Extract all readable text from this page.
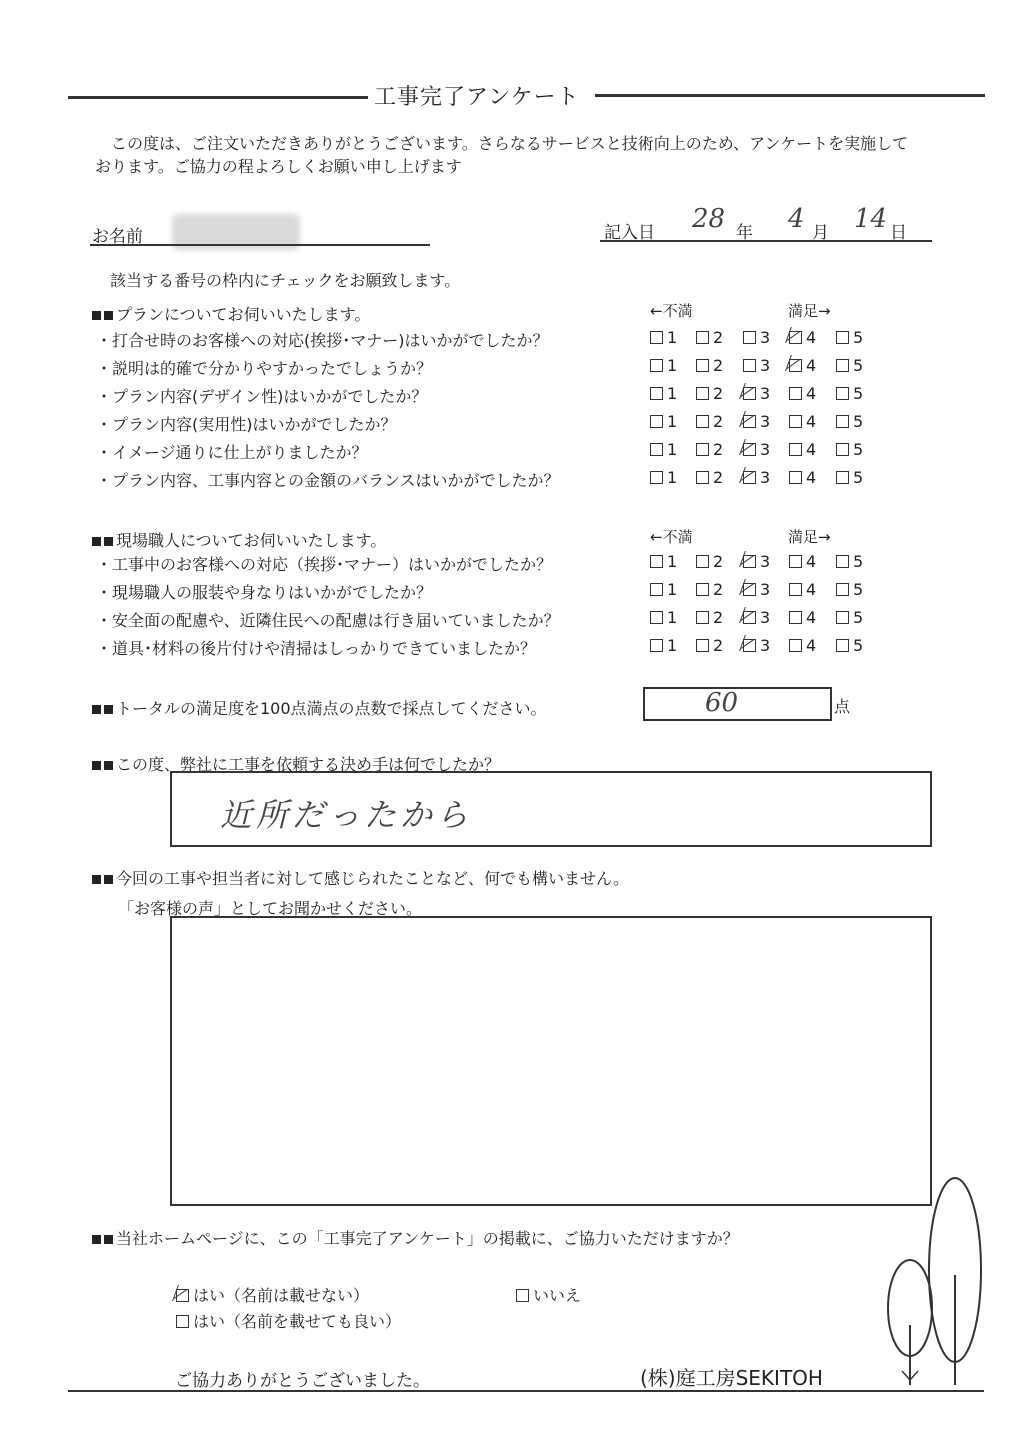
工事完了アンケート

この度は、ご注文いただきありがとうございます。さらなるサービスと技術向上のため、アンケートを実施して

おります。ご協力の程よろしくお願い申し上げます

お名前	記入日 28 年 4 月 14 日
該当する番号の枠内にチェックをお願致します。
プランについてお伺いいたします。	←不満	満足→
・打合せ時のお客様への対応(挨拶･マナー)はいかがでしたか？	1	2	3	4	5
・説明は的確で分かりやすかったでしょうか？	1	2	3	4	5
・プラン内容(デザイン性)はいかがでしたか？	1	2	3	4	5
・プラン内容(実用性)はいかがでしたか？	1	2	3	4	5
・イメージ通りに仕上がりましたか？	1	2	3	4	5
・プラン内容、工事内容との金額のバランスはいかがでしたか？	1	2	3	4	5
現場職人についてお伺いいたします。	←不満	満足→
・工事中のお客様への対応（挨拶･マナー）はいかがでしたか？	1	2	3	4	5
・現場職人の服装や身なりはいかがでしたか？	1	2	3	4	5
・安全面の配慮や、近隣住民への配慮は行き届いていましたか？	1	2	3	4	5
・道具･材料の後片付けや清掃はしっかりできていましたか？	1	2	3	4	5
トータルの満足度を100点満点の点数で採点してください。	60	点
この度、弊社に工事を依頼する決め手は何でしたか？
近所だったから
今回の工事や担当者に対して感じられたことなど、何でも構いません。
「お客様の声」としてお聞かせください。
当社ホームページに、この「工事完了アンケート」の掲載に、ご協力いただけますか？
はい（名前は載せない）
はい（名前を載せても良い）
いいえ
ご協力ありがとうございました。	(株)庭工房SEKITOH
